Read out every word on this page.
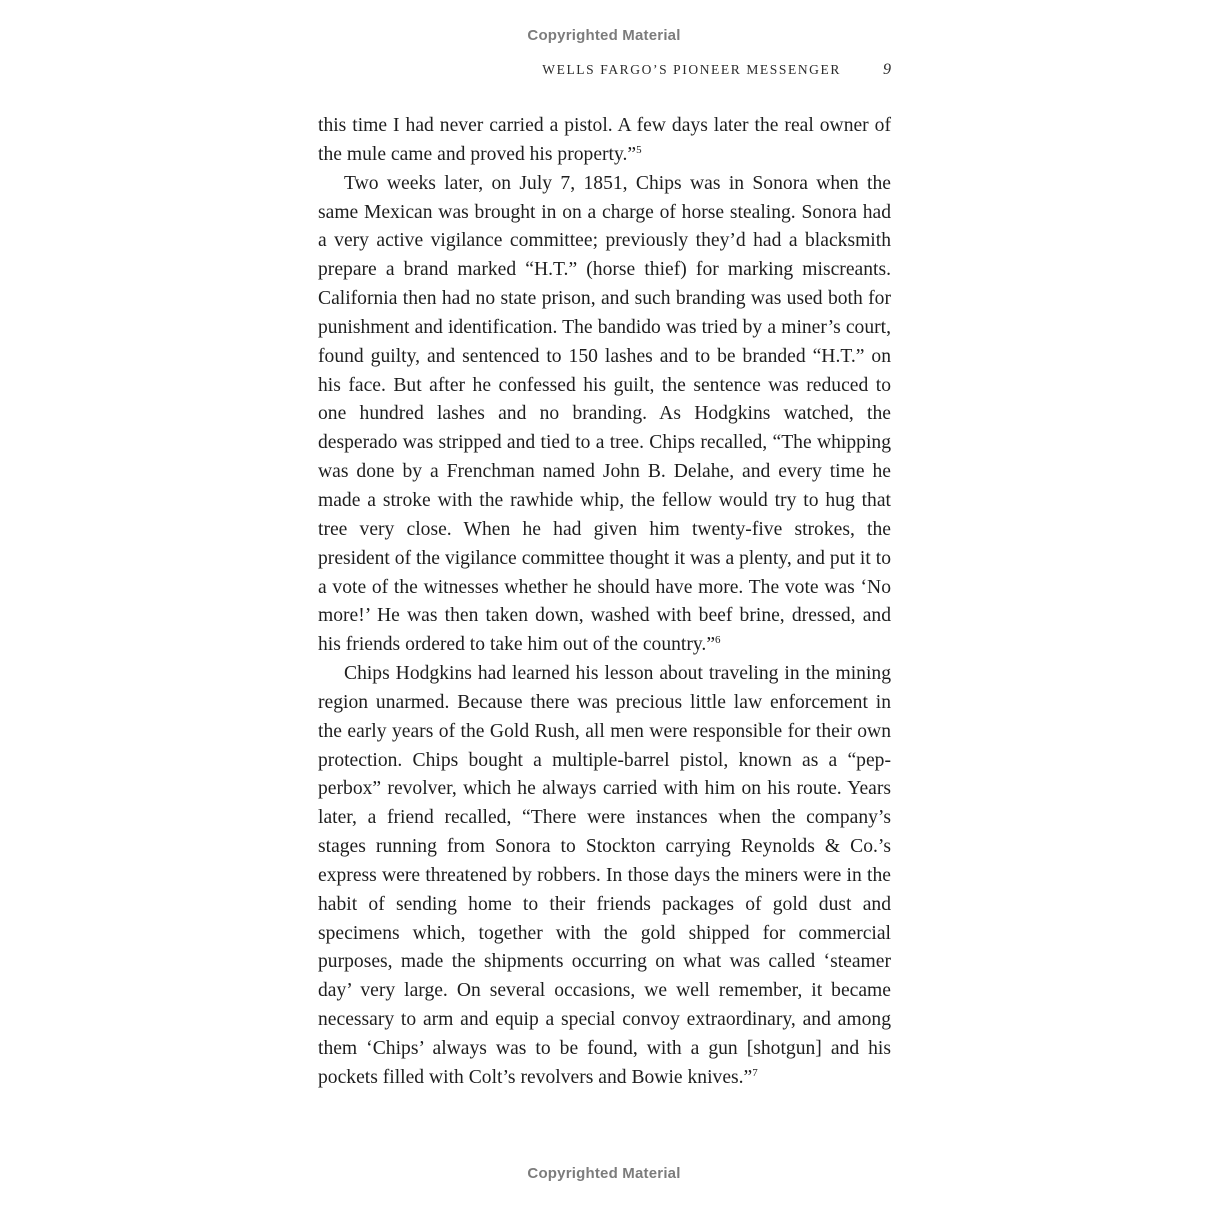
Copyrighted Material
WELLS FARGO’S PIONEER MESSENGER	9

this time I had never carried a pistol. A few days later the real owner of the mule came and proved his property.”$^5$

Two weeks later, on July 7, 1851, Chips was in Sonora when the same Mexican was brought in on a charge of horse stealing. Sonora had a very active vigilance committee; previously they’d had a blacksmith prepare a brand marked “H.T.” (horse thief) for marking miscreants. California then had no state prison, and such branding was used both for punishment and identification. The bandido was tried by a miner’s court, found guilty, and sentenced to 150 lashes and to be branded “H.T.” on his face. But after he confessed his guilt, the sentence was reduced to one hundred lashes and no branding. As Hodgkins watched, the desperado was stripped and tied to a tree. Chips recalled, “The whipping was done by a Frenchman named John B. Delahe, and every time he made a stroke with the rawhide whip, the fellow would try to hug that tree very close. When he had given him twenty-five strokes, the president of the vigilance committee thought it was a plenty, and put it to a vote of the witnesses whether he should have more. The vote was ‘No more!’ He was then taken down, washed with beef brine, dressed, and his friends ordered to take him out of the country.”$^6$

Chips Hodgkins had learned his lesson about traveling in the mining region unarmed. Because there was precious little law enforcement in the early years of the Gold Rush, all men were responsible for their own protection. Chips bought a multiple-barrel pistol, known as a “pepperbox” revolver, which he always carried with him on his route. Years later, a friend recalled, “There were instances when the company’s stages running from Sonora to Stockton carrying Reynolds & Co.’s express were threatened by robbers. In those days the miners were in the habit of sending home to their friends packages of gold dust and specimens which, together with the gold shipped for commercial purposes, made the shipments occurring on what was called ‘steamer day’ very large. On several occasions, we well remember, it became necessary to arm and equip a special convoy extraordinary, and among them ‘Chips’ always was to be found, with a gun [shotgun] and his pockets filled with Colt’s revolvers and Bowie knives.”$^7$

Copyrighted Material
